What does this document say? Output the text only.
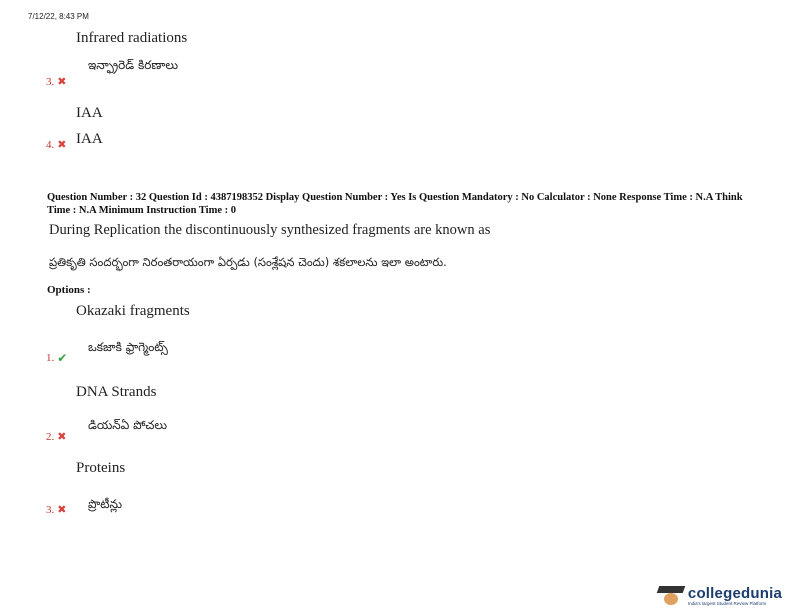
7/12/22, 8:43 PM
Infrared radiations
ఇన్ఫ్రారెడ్ కిరణాలు
3. ✖
IAA
4. ✖ IAA
Question Number : 32 Question Id : 4387198352 Display Question Number : Yes Is Question Mandatory : No Calculator : None Response Time : N.A Think Time : N.A Minimum Instruction Time : 0
During Replication the discontinuously synthesized fragments are known as
ప్రతికృతి సందర్భంగా నిరంతరాయంగా ఏర్పడు (సంశ్లేషన చెందు) శకలాలను ఇలా అంటారు.
Options :
Okazaki fragments
ఒకజాకి ఫ్రాగ్మెంట్స్
1. ✔
DNA Strands
డియన్ఏ పోచలు
2. ✖
Proteins
ప్రొటీన్లు
3. ✖
collegedunia
India's largest Student Review Platform
